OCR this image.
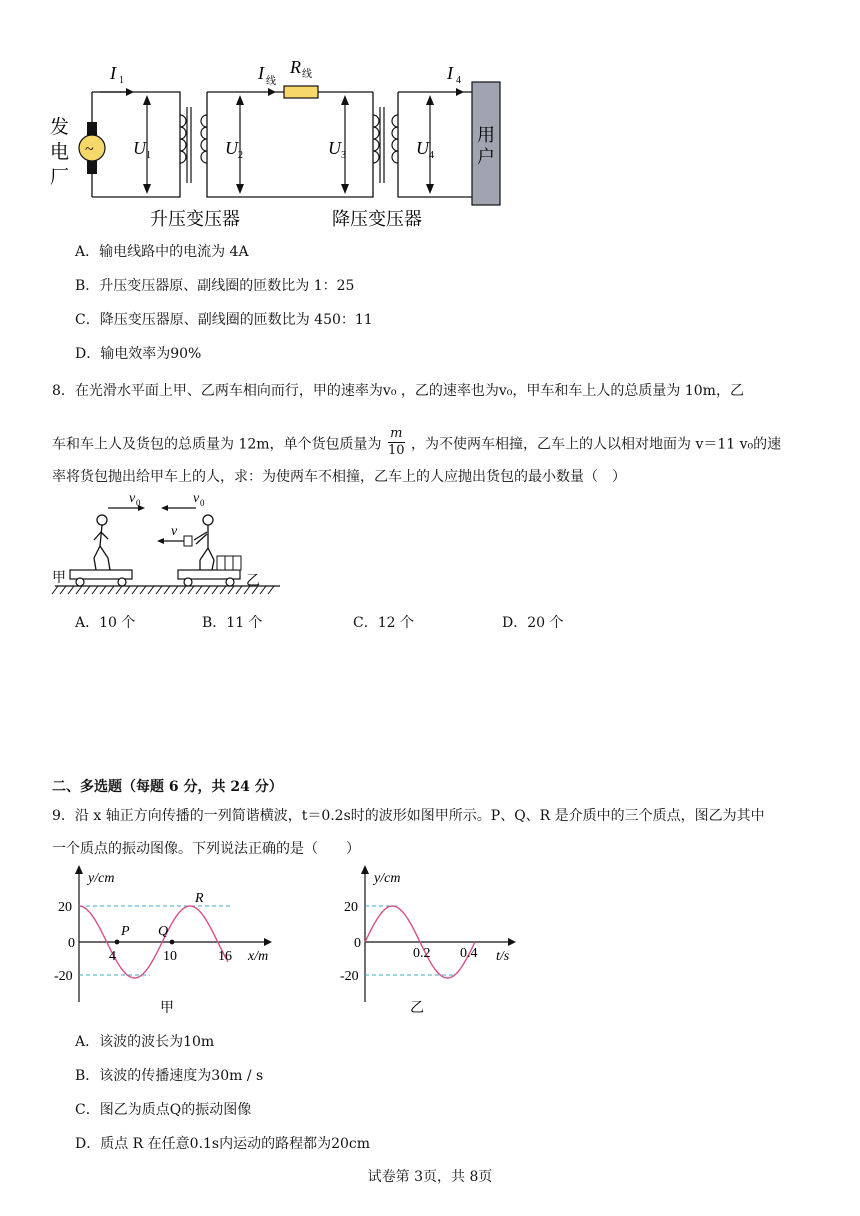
~
发
电
厂
I 1
U 1
I 线
R 线
U 2	U 3
I 4
U 4
用
户
升压变压器	降压变压器
A．输电线路中的电流为 4A
B．升压变压器原、副线圈的匝数比为 1：25
C．降压变压器原、副线圈的匝数比为 450：11
D．输电效率为90%
8．在光滑水平面上甲、乙两车相向而行，甲的速率为v₀ ，乙的速率也为v₀，甲车和车上人的总质量为 10m，乙
车和车上人及货包的总质量为 12m，单个货包质量为 $\frac{m}{10}$ ，为不使两车相撞，乙车上的人以相对地面为 v＝11 v₀的速
率将货包抛出给甲车上的人，求：为使两车不相撞，乙车上的人应抛出货包的最小数量（　）
v 0
甲
v
v 0
乙
A．10 个	B．11 个	C．12 个	D．20 个
二、多选题（每题 6 分，共 24 分）
9．沿 x 轴正方向传播的一列简谐横波，t＝0.2s时的波形如图甲所示。P、Q、R 是介质中的三个质点，图乙为其中
一个质点的振动图像。下列说法正确的是（　　）
y/cm
x/m
20
0
-20
P Q
R
4	10	16
甲
y/cm
t/s
20
0
-20
0.2 0.4
乙
A．该波的波长为10m
B．该波的传播速度为30m / s
C．图乙为质点Q的振动图像
D．质点 R 在任意0.1s内运动的路程都为20cm
试卷第 3页，共 8页
